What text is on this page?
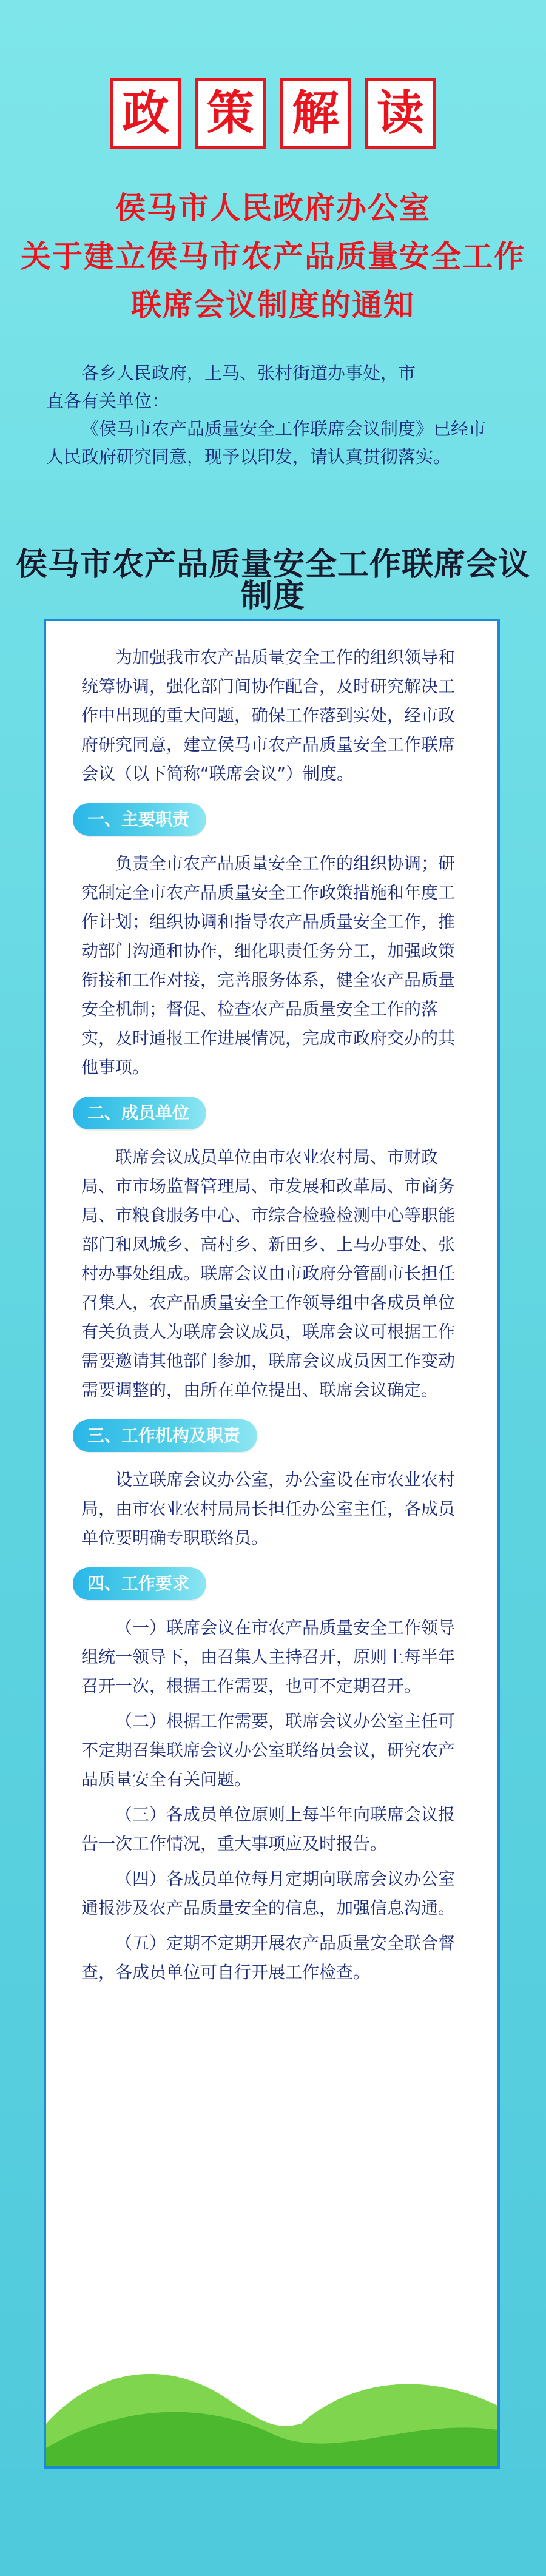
政 策 解 读
侯马市人民政府办公室
关于建立侯马市农产品质量安全工作
联席会议制度的通知

各乡人民政府，上马、张村街道办事处，市

直各有关单位：

《侯马市农产品质量安全工作联席会议制度》已经市人民政府研究同意，现予以印发，请认真贯彻落实。

侯马市农产品质量安全工作联席会议制度

为加强我市农产品质量安全工作的组织领导和统筹协调，强化部门间协作配合，及时研究解决工作中出现的重大问题，确保工作落到实处，经市政府研究同意，建立侯马市农产品质量安全工作联席会议（以下简称“联席会议”）制度。

一、主要职责

负责全市农产品质量安全工作的组织协调；研究制定全市农产品质量安全工作政策措施和年度工作计划；组织协调和指导农产品质量安全工作，推动部门沟通和协作，细化职责任务分工，加强政策衔接和工作对接，完善服务体系，健全农产品质量安全机制；督促、检查农产品质量安全工作的落实，及时通报工作进展情况，完成市政府交办的其他事项。

二、成员单位

联席会议成员单位由市农业农村局、市财政局、市市场监督管理局、市发展和改革局、市商务局、市粮食服务中心、市综合检验检测中心等职能部门和凤城乡、高村乡、新田乡、上马办事处、张村办事处组成。联席会议由市政府分管副市长担任召集人，农产品质量安全工作领导组中各成员单位有关负责人为联席会议成员，联席会议可根据工作需要邀请其他部门参加，联席会议成员因工作变动需要调整的，由所在单位提出、联席会议确定。

三、工作机构及职责

设立联席会议办公室，办公室设在市农业农村局，由市农业农村局局长担任办公室主任，各成员单位要明确专职联络员。

四、工作要求

（一）联席会议在市农产品质量安全工作领导组统一领导下，由召集人主持召开，原则上每半年召开一次，根据工作需要，也可不定期召开。

（二）根据工作需要，联席会议办公室主任可不定期召集联席会议办公室联络员会议，研究农产品质量安全有关问题。

（三）各成员单位原则上每半年向联席会议报告一次工作情况，重大事项应及时报告。

（四）各成员单位每月定期向联席会议办公室通报涉及农产品质量安全的信息，加强信息沟通。

（五）定期不定期开展农产品质量安全联合督查，各成员单位可自行开展工作检查。
